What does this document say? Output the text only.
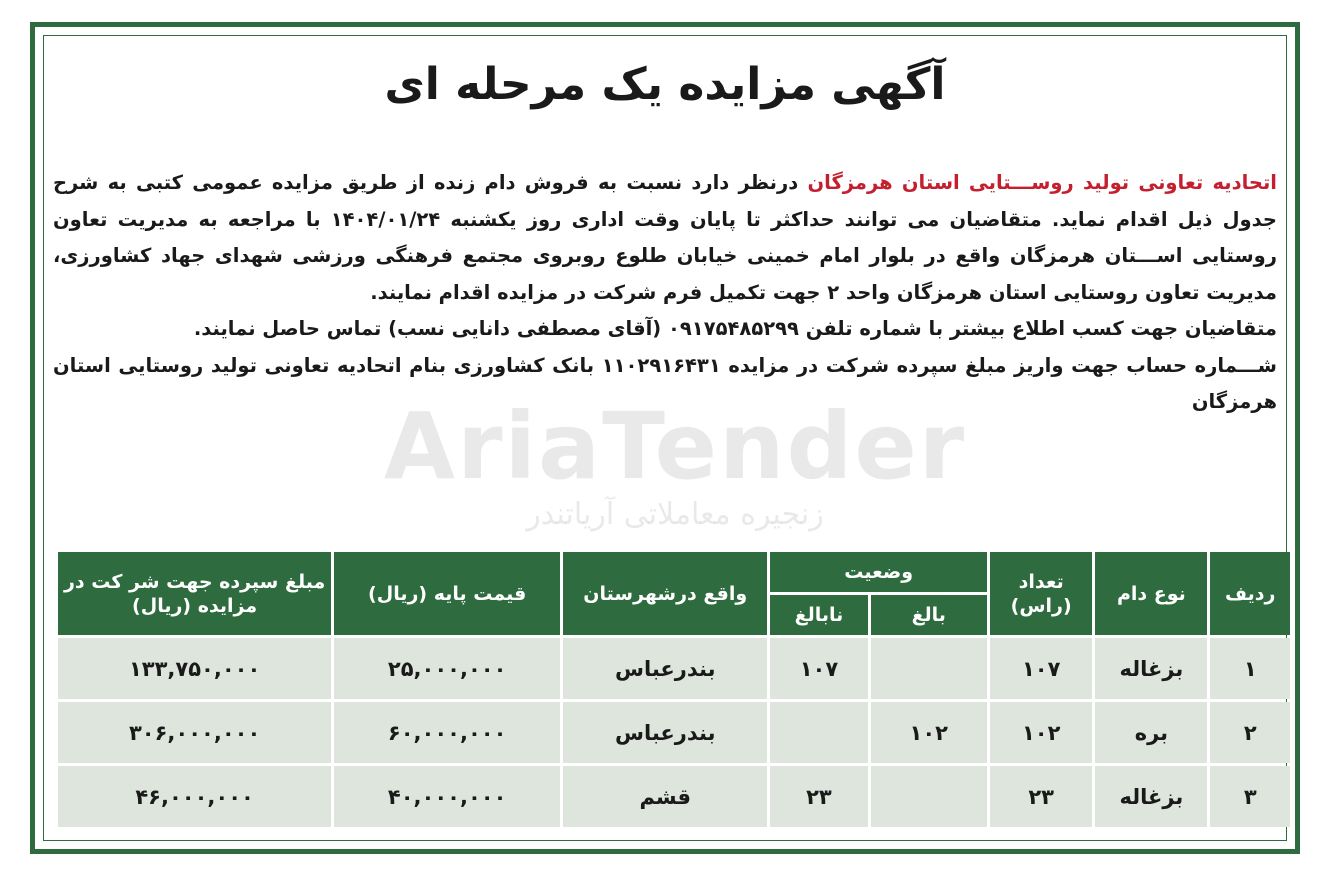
آگهی مزایده یک مرحله ای
AriaTender
زنجیره معاملاتی آریاتندر

اتحادیه تعاونی تولید روســـتایی استان هرمزگان درنظر دارد نسبت به فروش دام زنده از طریق مزایده عمومی کتبی به شرح جدول ذیل اقدام نماید. متقاضیان می توانند حداکثر تا پایان وقت اداری روز یکشنبه ۱۴۰۴/۰۱/۲۴ با مراجعه به مدیریت تعاون روستایی اســـتان هرمزگان واقع در بلوار امام خمینی خیابان طلوع روبروی مجتمع فرهنگی ورزشی شهدای جهاد کشاورزی، مدیریت تعاون روستایی استان هرمزگان واحد ۲ جهت تکمیل فرم شرکت در مزایده اقدام نمایند.

متقاضیان جهت کسب اطلاع بیشتر با شماره تلفن ۰۹۱۷۵۴۸۵۲۹۹ (آقای مصطفی دانایی نسب) تماس حاصل نمایند.

شـــماره حساب جهت واریز مبلغ سپرده شرکت در مزایده ۱۱۰۲۹۱۶۴۳۱ بانک کشاورزی بنام اتحادیه تعاونی تولید روستایی استان هرمزگان

ردیف	نوع دام	تعداد (راس)	وضعیت		واقع درشهرستان	قیمت پایه (ریال)	مبلغ سپرده جهت شر کت در مزایده (ریال)
			بالغ	نابالغ			
۱	بزغاله	۱۰۷		۱۰۷	بندرعباس	۲۵,۰۰۰,۰۰۰	۱۳۳,۷۵۰,۰۰۰
۲	بره	۱۰۲	۱۰۲		بندرعباس	۶۰,۰۰۰,۰۰۰	۳۰۶,۰۰۰,۰۰۰
۳	بزغاله	۲۳		۲۳	قشم	۴۰,۰۰۰,۰۰۰	۴۶,۰۰۰,۰۰۰
